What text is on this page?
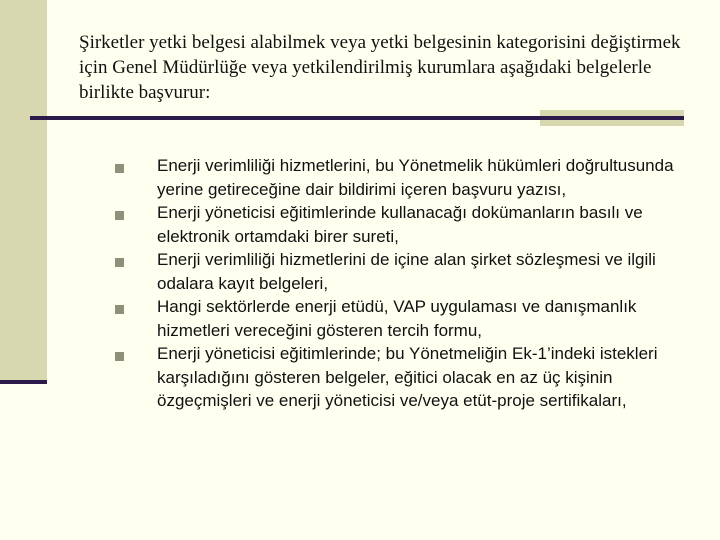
Şirketler yetki belgesi alabilmek veya yetki belgesinin kategorisini değiştirmek için Genel Müdürlüğe veya yetkilendirilmiş kurumlara aşağıdaki belgelerle birlikte başvurur:
Enerji verimliliği hizmetlerini, bu Yönetmelik hükümleri doğrultusunda yerine getireceğine dair bildirimi içeren başvuru yazısı,
Enerji yöneticisi eğitimlerinde kullanacağı dokümanların basılı ve elektronik ortamdaki birer sureti,
Enerji verimliliği hizmetlerini de içine alan şirket sözleşmesi ve ilgili odalara kayıt belgeleri,
Hangi sektörlerde enerji etüdü, VAP uygulaması ve danışmanlık hizmetleri vereceğini gösteren tercih formu,
Enerji yöneticisi eğitimlerinde; bu Yönetmeliğin Ek-1’indeki istekleri karşıladığını gösteren belgeler, eğitici olacak en az üç kişinin özgeçmişleri ve enerji yöneticisi ve/veya etüt-proje sertifikaları,
